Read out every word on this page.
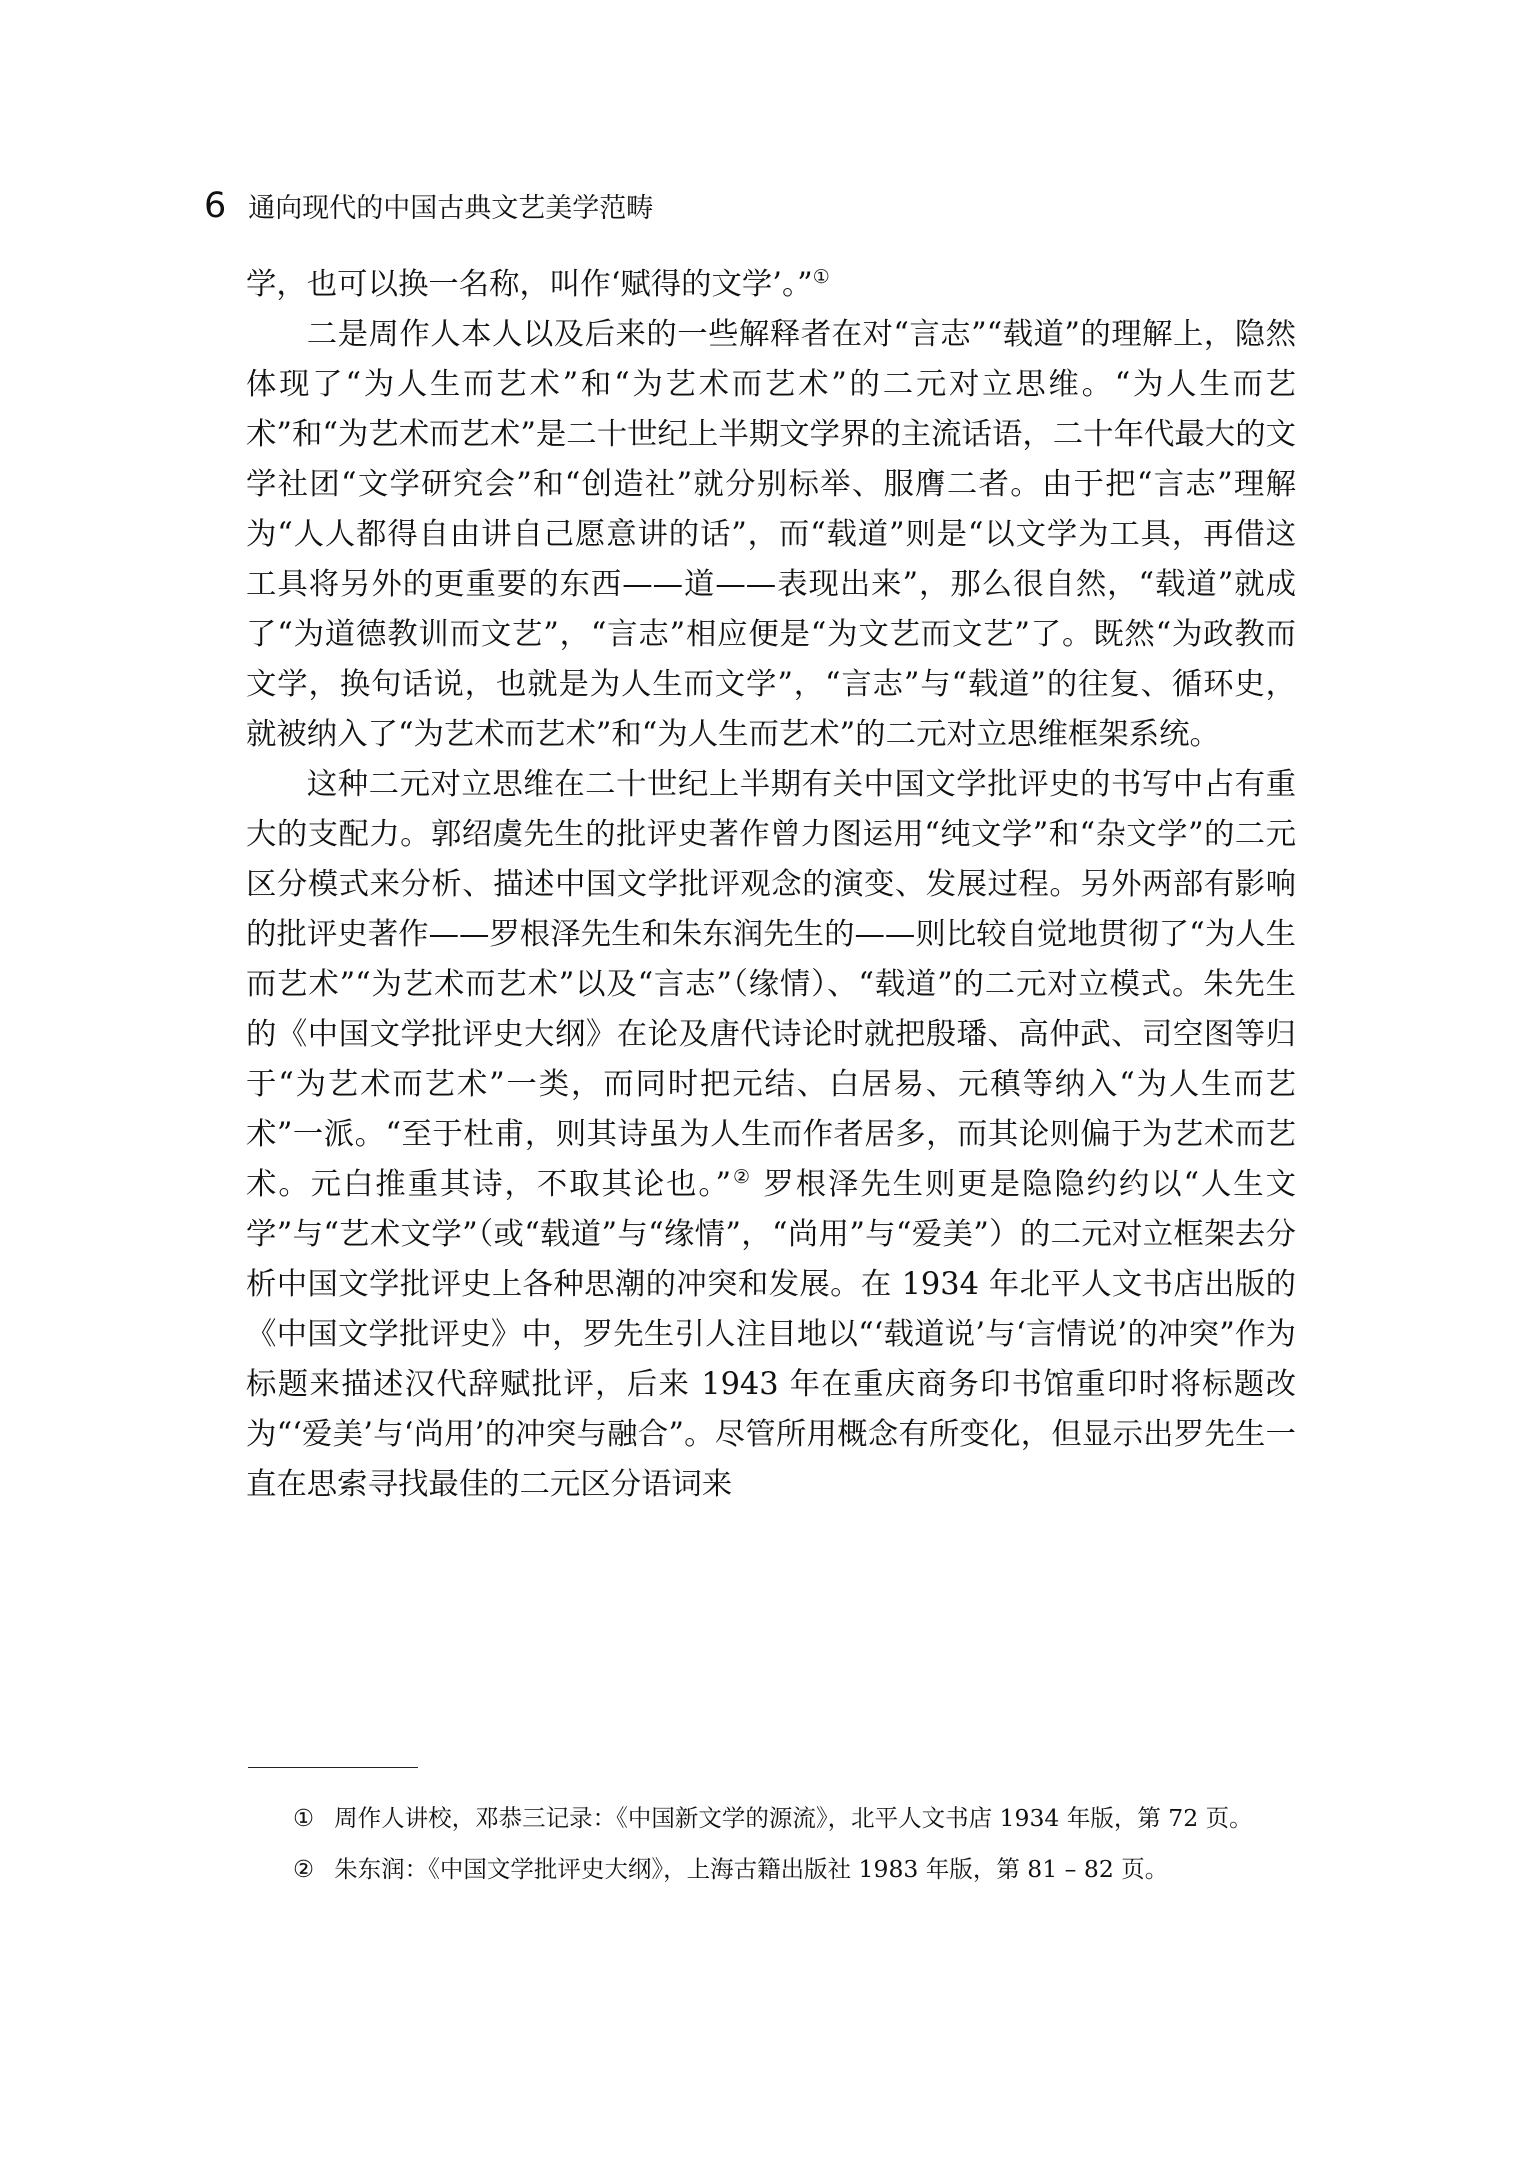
6 通向现代的中国古典文艺美学范畴

学，也可以换一名称，叫作‘赋得的文学’。”①

二是周作人本人以及后来的一些解释者在对“言志”“载道”的理解上，隐然体现了“为人生而艺术”和“为艺术而艺术”的二元对立思维。“为人生而艺术”和“为艺术而艺术”是二十世纪上半期文学界的主流话语，二十年代最大的文学社团“文学研究会”和“创造社”就分别标举、服膺二者。由于把“言志”理解为“人人都得自由讲自己愿意讲的话”，而“载道”则是“以文学为工具，再借这工具将另外的更重要的东西——道——表现出来”，那么很自然，“载道”就成了“为道德教训而文艺”，“言志”相应便是“为文艺而文艺”了。既然“为政教而文学，换句话说，也就是为人生而文学”，“言志”与“载道”的往复、循环史，就被纳入了“为艺术而艺术”和“为人生而艺术”的二元对立思维框架系统。

这种二元对立思维在二十世纪上半期有关中国文学批评史的书写中占有重大的支配力。郭绍虞先生的批评史著作曾力图运用“纯文学”和“杂文学”的二元区分模式来分析、描述中国文学批评观念的演变、发展过程。另外两部有影响的批评史著作——罗根泽先生和朱东润先生的——则比较自觉地贯彻了“为人生而艺术”“为艺术而艺术”以及“言志”（缘情）、“载道”的二元对立模式。朱先生的《中国文学批评史大纲》在论及唐代诗论时就把殷璠、高仲武、司空图等归于“为艺术而艺术”一类，而同时把元结、白居易、元稹等纳入“为人生而艺术”一派。“至于杜甫，则其诗虽为人生而作者居多，而其论则偏于为艺术而艺术。元白推重其诗，不取其论也。”② 罗根泽先生则更是隐隐约约以“人生文学”与“艺术文学”（或“载道”与“缘情”，“尚用”与“爱美”）的二元对立框架去分析中国文学批评史上各种思潮的冲突和发展。在 1934 年北平人文书店出版的《中国文学批评史》中，罗先生引人注目地以“‘载道说’与‘言情说’的冲突”作为标题来描述汉代辞赋批评，后来 1943 年在重庆商务印书馆重印时将标题改为“‘爱美’与‘尚用’的冲突与融合”。尽管所用概念有所变化，但显示出罗先生一直在思索寻找最佳的二元区分语词来

① 周作人讲校，邓恭三记录：《中国新文学的源流》，北平人文书店 1934 年版，第 72 页。

② 朱东润：《中国文学批评史大纲》，上海古籍出版社 1983 年版，第 81 – 82 页。
